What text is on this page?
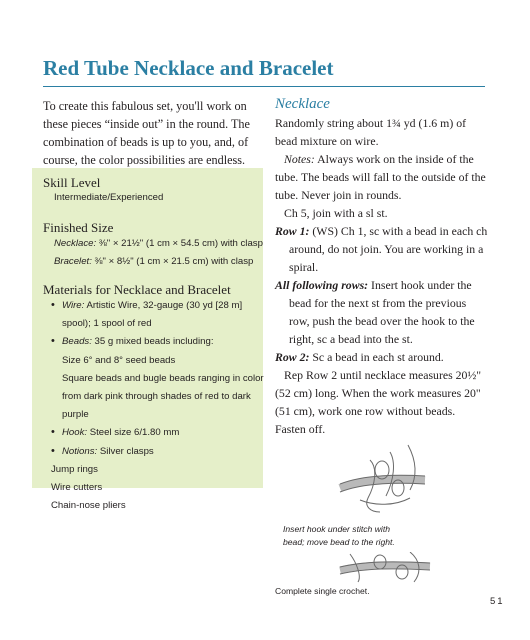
Red Tube Necklace and Bracelet
To create this fabulous set, you'll work on these pieces “inside out” in the round. The combination of beads is up to you, and, of course, the color possibilities are endless.
Skill Level
Intermediate/Experienced
Finished Size
Necklace: ⅜" × 21½" (1 cm × 54.5 cm) with clasp
Bracelet: ⅜" × 8½" (1 cm × 21.5 cm) with clasp
Materials for Necklace and Bracelet
• Wire: Artistic Wire, 32-gauge (30 yd [28 m]
spool); 1 spool of red
• Beads: 35 g mixed beads including:
Size 6° and 8° seed beads
Square beads and bugle beads ranging in color
from dark pink through shades of red to dark
purple
• Hook: Steel size 6/1.80 mm
• Notions: Silver clasps
Jump rings
Wire cutters
Chain-nose pliers
Necklace
Randomly string about 1¾ yd (1.6 m) of
bead mixture on wire.
Notes: Always work on the inside of the
tube. The beads will fall to the outside of the
tube. Never join in rounds.
Ch 5, join with a sl st.
Row 1: (WS) Ch 1, sc with a bead in each ch
around, do not join. You are working in a
spiral.
All following rows: Insert hook under the
bead for the next st from the previous
row, push the bead over the hook to the
right, sc a bead into the st.
Row 2: Sc a bead in each st around.
Rep Row 2 until necklace measures 20½"
(52 cm) long. When the work measures 20"
(51 cm), work one row without beads.
Fasten off.
Insert hook under stitch with
bead; move bead to the right.
Complete single crochet.
51
